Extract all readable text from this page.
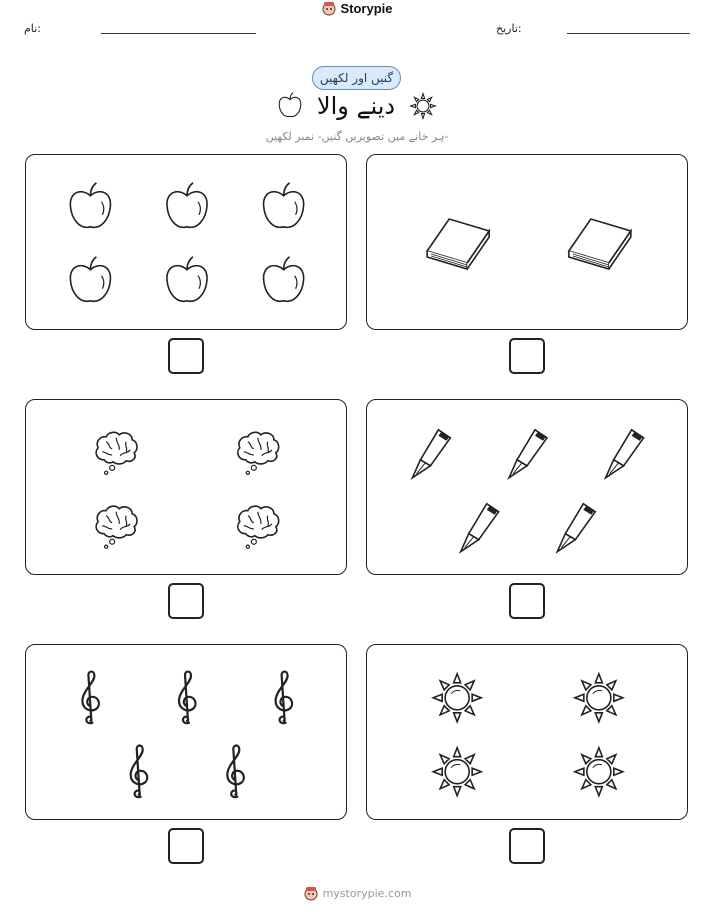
نام:
Storypie
تاریخ:
گنیں اور لکھیں
دینے والا
ہر خانے میں تصویریں گنیں- نمبر لکھیں-
mystorypie.com
